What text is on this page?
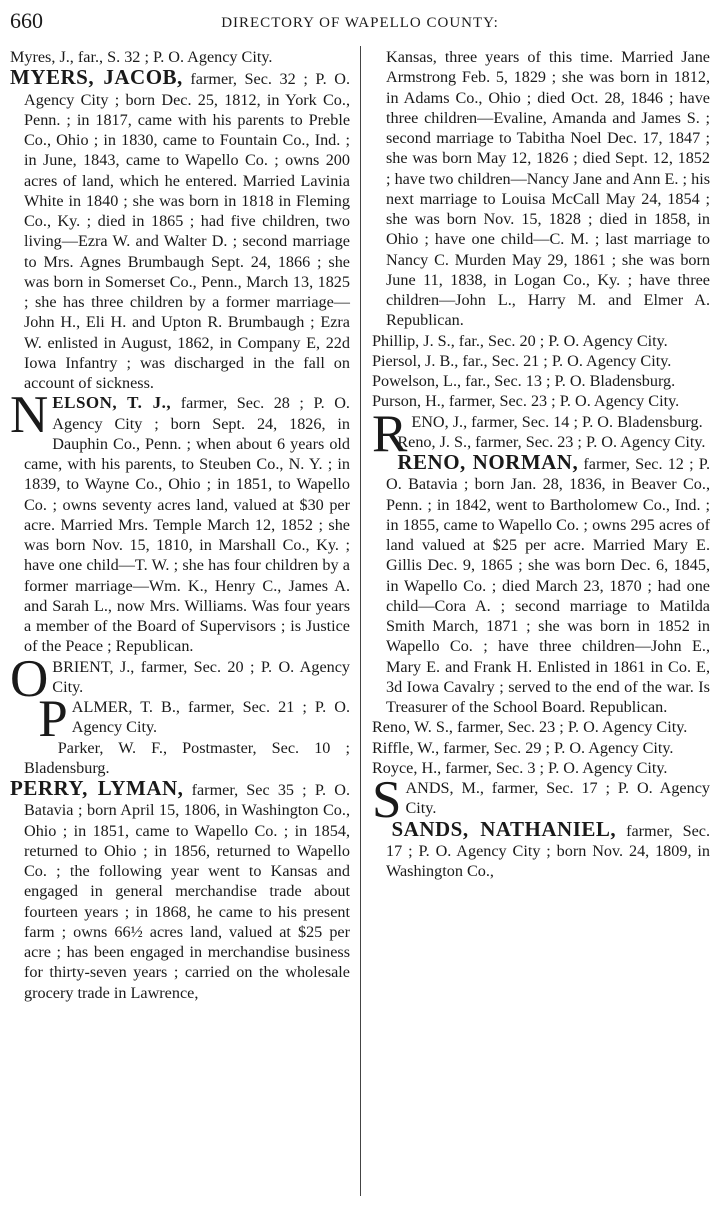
660	DIRECTORY OF WAPELLO COUNTY:

Myres, J., far., S. 32 ; P. O. Agency City.

MYERS, JACOB, farmer, Sec. 32 ; P. O. Agency City ; born Dec. 25, 1812, in York Co., Penn. ; in 1817, came with his parents to Preble Co., Ohio ; in 1830, came to Fountain Co., Ind. ; in June, 1843, came to Wapello Co. ; owns 200 acres of land, which he entered. Married Lavinia White in 1840 ; she was born in 1818 in Fleming Co., Ky. ; died in 1865 ; had five children, two living—Ezra W. and Walter D. ; second marriage to Mrs. Agnes Brumbaugh Sept. 24, 1866 ; she was born in Somerset Co., Penn., March 13, 1825 ; she has three children by a former marriage—John H., Eli H. and Upton R. Brumbaugh ; Ezra W. enlisted in August, 1862, in Company E, 22d Iowa Infantry ; was discharged in the fall on account of sickness.

NELSON, T. J., farmer, Sec. 28 ; P. O. Agency City ; born Sept. 24, 1826, in Dauphin Co., Penn. ; when about 6 years old came, with his parents, to Steuben Co., N. Y. ; in 1839, to Wayne Co., Ohio ; in 1851, to Wapello Co. ; owns seventy acres land, valued at $30 per acre. Married Mrs. Temple March 12, 1852 ; she was born Nov. 15, 1810, in Marshall Co., Ky. ; have one child—T. W. ; she has four children by a former marriage—Wm. K., Henry C., James A. and Sarah L., now Mrs. Williams. Was four years a member of the Board of Supervisors ; is Justice of the Peace ; Republican.

OBRIENT, J., farmer, Sec. 20 ; P. O. Agency City.

PALMER, T. B., farmer, Sec. 21 ; P. O. Agency City.

Parker, W. F., Postmaster, Sec. 10 ; Bladensburg.

PERRY, LYMAN, farmer, Sec 35 ; P. O. Batavia ; born April 15, 1806, in Washington Co., Ohio ; in 1851, came to Wapello Co. ; in 1854, returned to Ohio ; in 1856, returned to Wapello Co. ; the following year went to Kansas and engaged in general merchandise trade about fourteen years ; in 1868, he came to his present farm ; owns 66½ acres land, valued at $25 per acre ; has been engaged in merchandise business for thirty-seven years ; carried on the wholesale grocery trade in Lawrence,

Kansas, three years of this time. Married Jane Armstrong Feb. 5, 1829 ; she was born in 1812, in Adams Co., Ohio ; died Oct. 28, 1846 ; have three children—Evaline, Amanda and James S. ; second marriage to Tabitha Noel Dec. 17, 1847 ; she was born May 12, 1826 ; died Sept. 12, 1852 ; have two children—Nancy Jane and Ann E. ; his next marriage to Louisa McCall May 24, 1854 ; she was born Nov. 15, 1828 ; died in 1858, in Ohio ; have one child—C. M. ; last marriage to Nancy C. Murden May 29, 1861 ; she was born June 11, 1838, in Logan Co., Ky. ; have three children—John L., Harry M. and Elmer A. Republican.

Phillip, J. S., far., Sec. 20 ; P. O. Agency City.

Piersol, J. B., far., Sec. 21 ; P. O. Agency City.

Powelson, L., far., Sec. 13 ; P. O. Bladensburg.

Purson, H., farmer, Sec. 23 ; P. O. Agency City.

RENO, J., farmer, Sec. 14 ; P. O. Bladensburg.

Reno, J. S., farmer, Sec. 23 ; P. O. Agency City.

RENO, NORMAN, farmer, Sec. 12 ; P. O. Batavia ; born Jan. 28, 1836, in Beaver Co., Penn. ; in 1842, went to Bartholomew Co., Ind. ; in 1855, came to Wapello Co. ; owns 295 acres of land valued at $25 per acre. Married Mary E. Gillis Dec. 9, 1865 ; she was born Dec. 6, 1845, in Wapello Co. ; died March 23, 1870 ; had one child—Cora A. ; second marriage to Matilda Smith March, 1871 ; she was born in 1852 in Wapello Co. ; have three children—John E., Mary E. and Frank H. Enlisted in 1861 in Co. E, 3d Iowa Cavalry ; served to the end of the war. Is Treasurer of the School Board. Republican.

Reno, W. S., farmer, Sec. 23 ; P. O. Agency City.

Riffle, W., farmer, Sec. 29 ; P. O. Agency City.

Royce, H., farmer, Sec. 3 ; P. O. Agency City.

SANDS, M., farmer, Sec. 17 ; P. O. Agency City.

SANDS, NATHANIEL, farmer, Sec. 17 ; P. O. Agency City ; born Nov. 24, 1809, in Washington Co.,
